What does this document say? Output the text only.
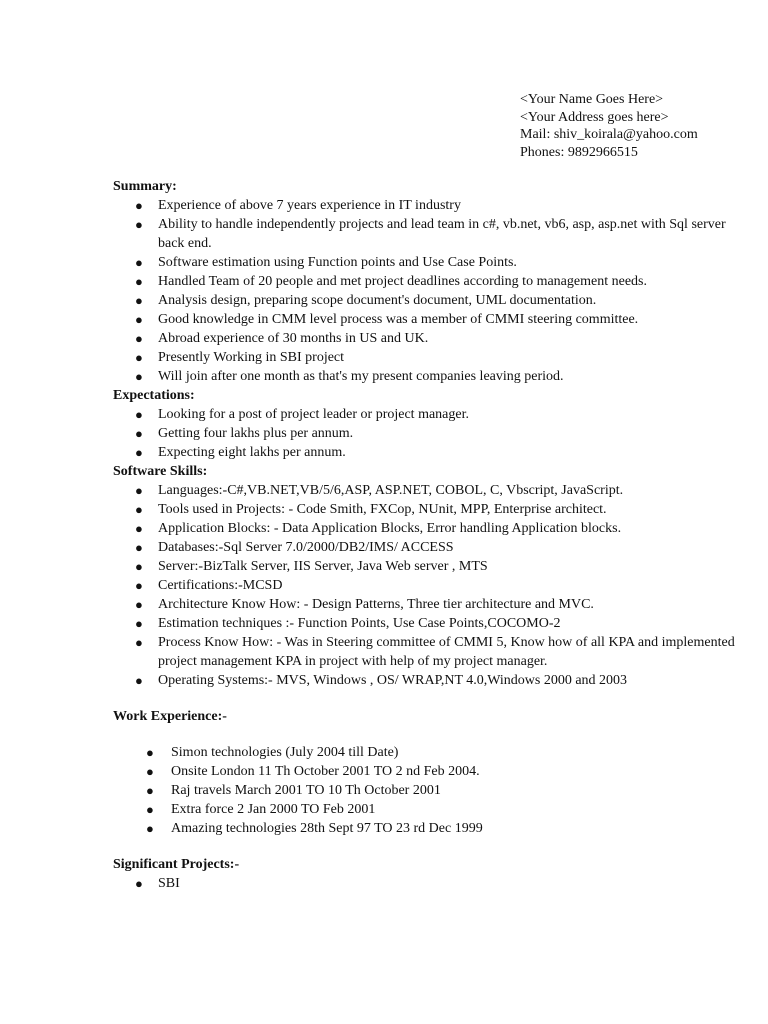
<Your Name Goes Here>
<Your Address goes here>
Mail: shiv_koirala@yahoo.com
Phones: 9892966515
Summary:
● Experience of above 7 years experience in IT industry
● Ability to handle independently projects and lead team in c#, vb.net, vb6, asp, asp.net with Sql server back end.
● Software estimation using Function points and Use Case Points.
● Handled Team of 20 people and met project deadlines according to management needs.
● Analysis design, preparing scope document's document, UML documentation.
● Good knowledge in CMM level process was a member of CMMI steering committee.
● Abroad experience of 30 months in US and UK.
● Presently Working in SBI project
● Will join after one month as that's my present companies leaving period.
Expectations:
● Looking for a post of project leader or project manager.
● Getting four lakhs plus per annum.
● Expecting eight lakhs per annum.
Software Skills:
● Languages:-C#,VB.NET,VB/5/6,ASP, ASP.NET, COBOL, C, Vbscript, JavaScript.
● Tools used in Projects: - Code Smith, FXCop, NUnit, MPP, Enterprise architect.
● Application Blocks: - Data Application Blocks, Error handling Application blocks.
● Databases:-Sql Server 7.0/2000/DB2/IMS/ ACCESS
● Server:-BizTalk Server, IIS Server, Java Web server , MTS
● Certifications:-MCSD
● Architecture Know How: - Design Patterns, Three tier architecture and MVC.
● Estimation techniques :- Function Points, Use Case Points,COCOMO-2
● Process Know How: - Was in Steering committee of CMMI 5, Know how of all KPA and implemented project management KPA in project with help of my project manager.
● Operating Systems:- MVS, Windows , OS/ WRAP,NT 4.0,Windows 2000 and 2003
Work Experience:-
● Simon technologies (July 2004 till Date)
● Onsite London 11 Th October 2001 TO 2 nd Feb 2004.
● Raj travels March 2001 TO 10 Th October 2001
● Extra force 2 Jan 2000 TO Feb 2001
● Amazing technologies 28th Sept 97 TO 23 rd Dec 1999
Significant Projects:-
● SBI
